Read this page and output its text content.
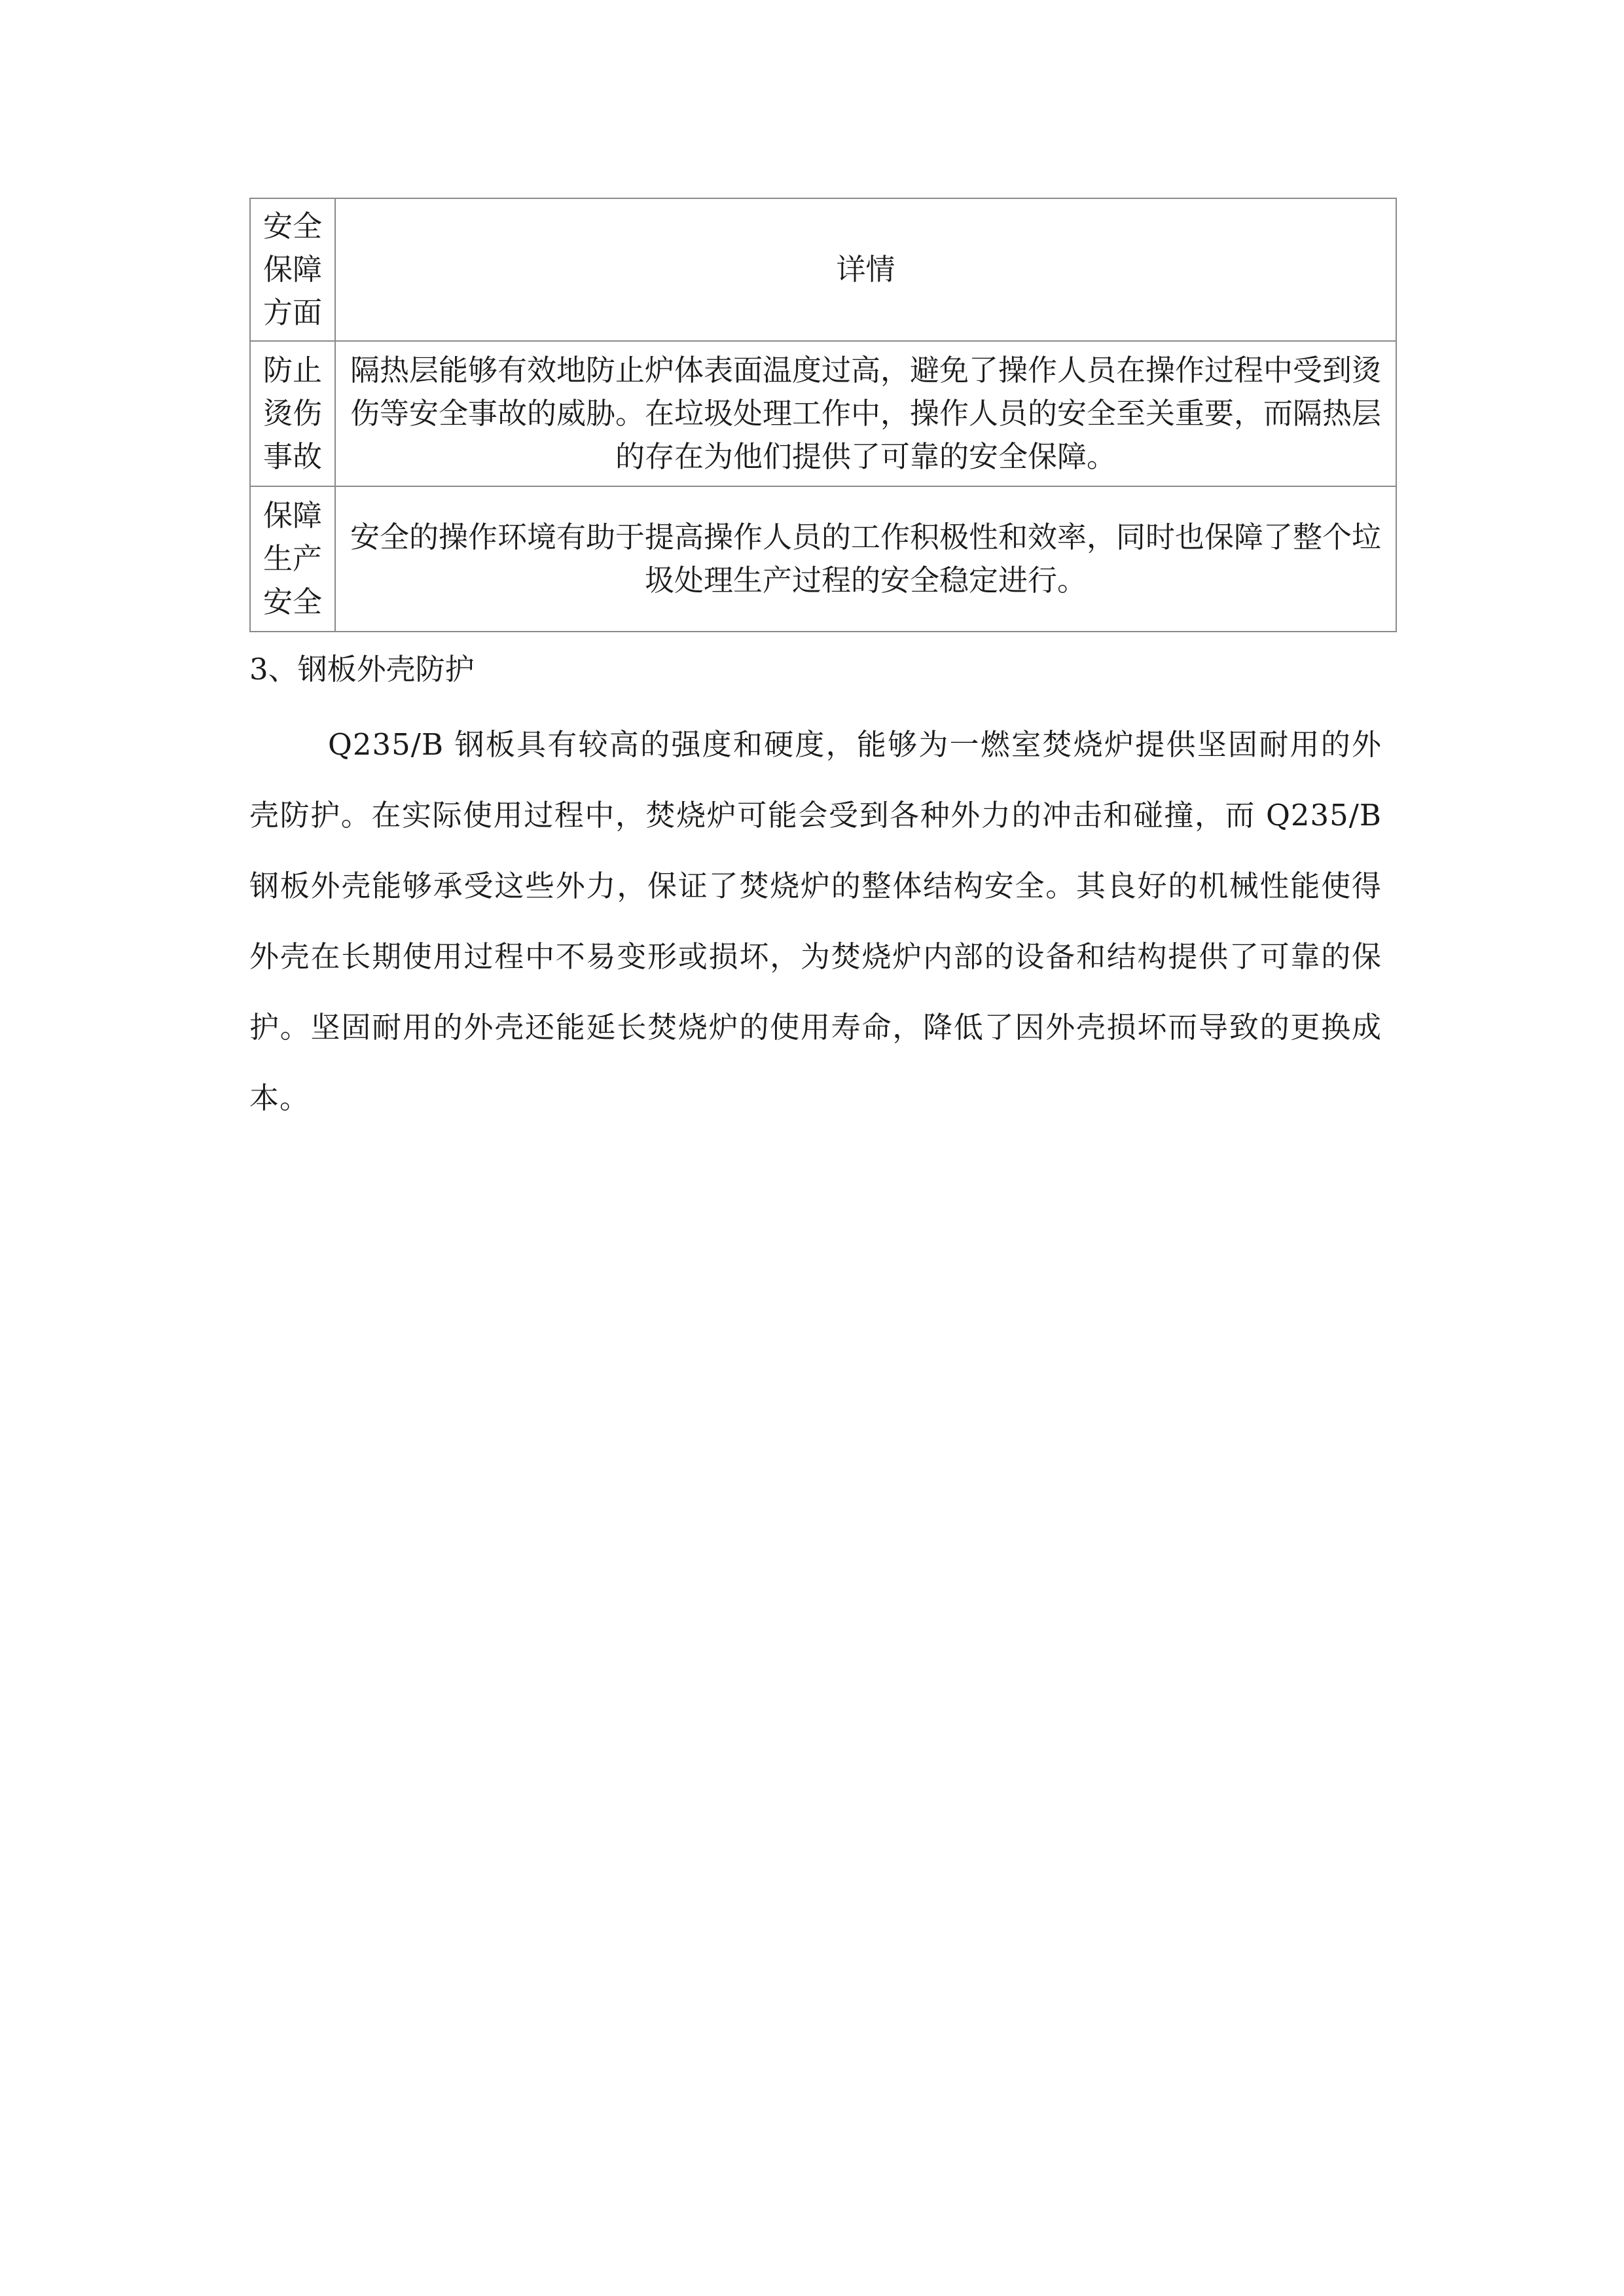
安全保障方面	详情
防止烫伤事故	隔热层能够有效地防止炉体表面温度过高，避免了操作人员在操作过程中受到烫伤等安全事故的威胁。在垃圾处理工作中，操作人员的安全至关重要，而隔热层的存在为他们提供了可靠的安全保障。
保障生产安全	安全的操作环境有助于提高操作人员的工作积极性和效率，同时也保障了整个垃圾处理生产过程的安全稳定进行。
3、钢板外壳防护

Q235/B 钢板具有较高的强度和硬度，能够为一燃室焚烧炉提供坚固耐用的外壳防护。在实际使用过程中，焚烧炉可能会受到各种外力的冲击和碰撞，而 Q235/B 钢板外壳能够承受这些外力，保证了焚烧炉的整体结构安全。其良好的机械性能使得外壳在长期使用过程中不易变形或损坏，为焚烧炉内部的设备和结构提供了可靠的保护。坚固耐用的外壳还能延长焚烧炉的使用寿命，降低了因外壳损坏而导致的更换成本。
